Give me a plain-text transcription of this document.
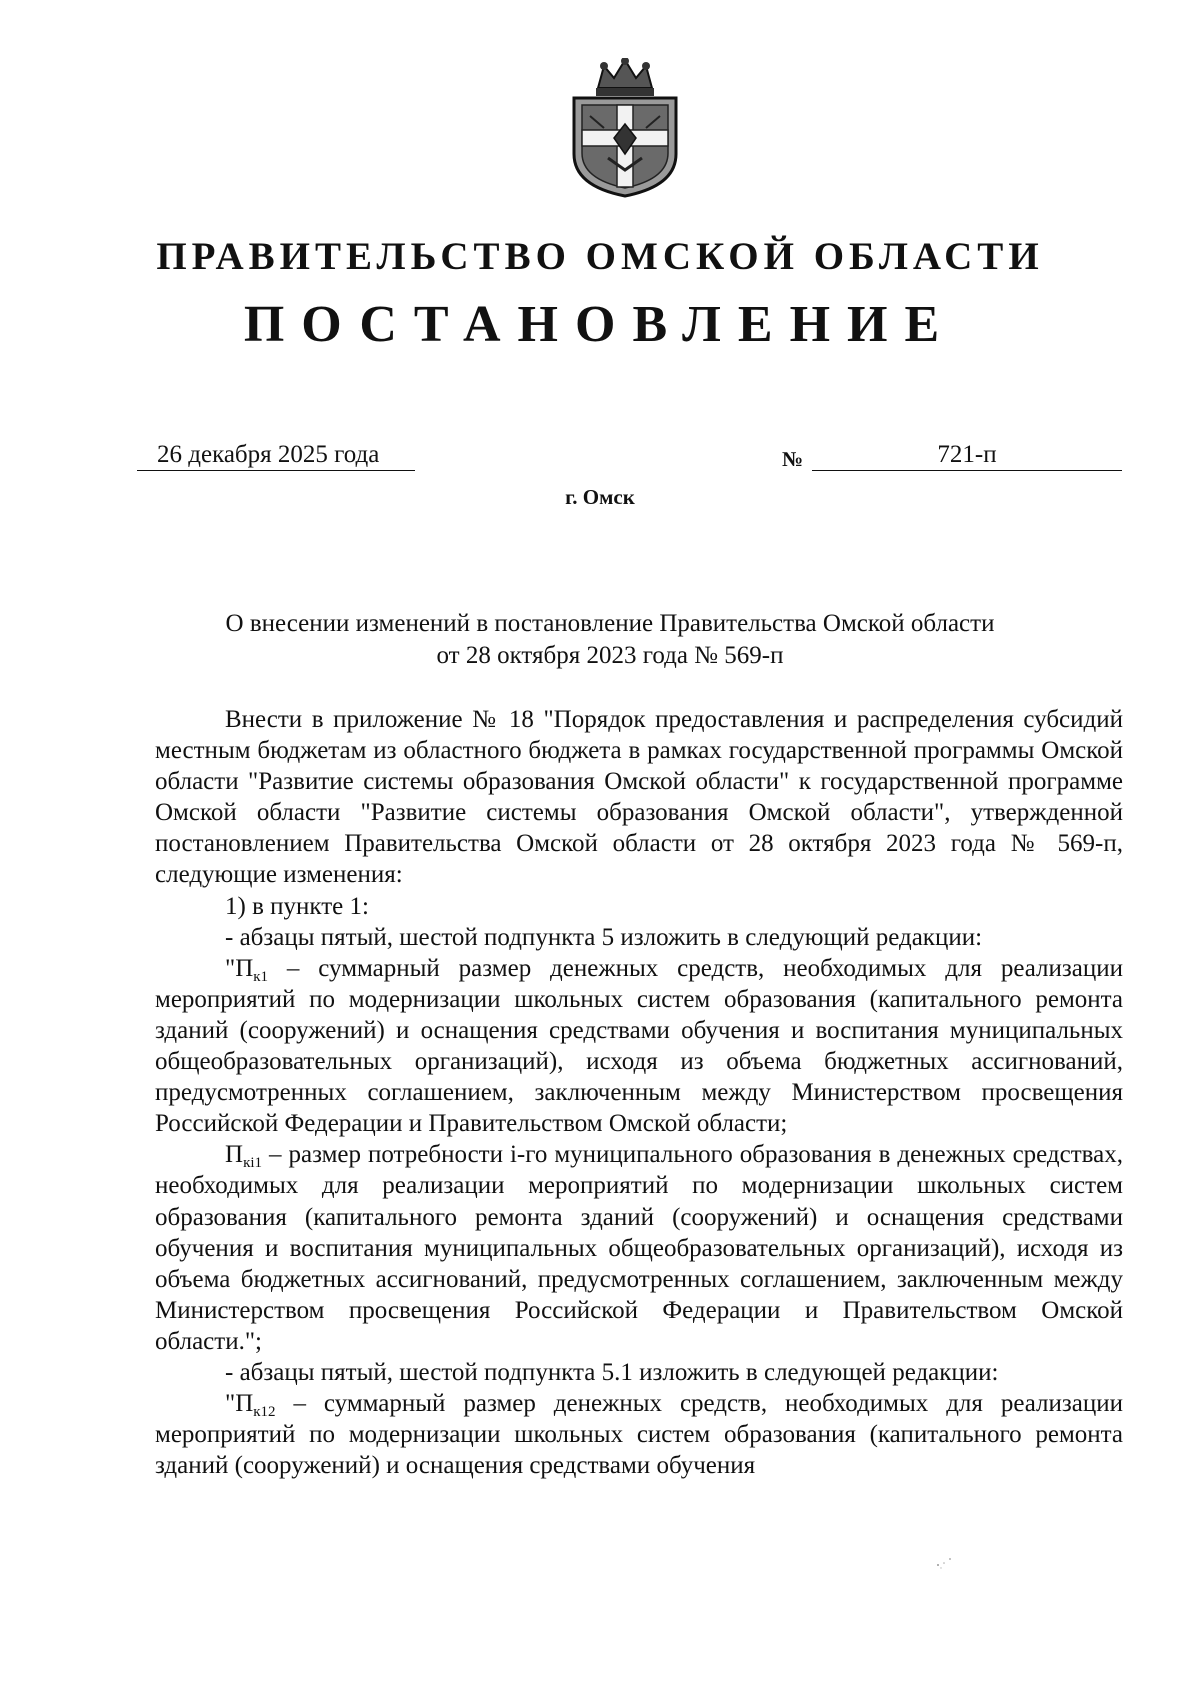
ПРАВИТЕЛЬСТВО ОМСКОЙ ОБЛАСТИ
ПОСТАНОВЛЕНИЕ
26 декабря 2025 года	№	721-п
г. Омск
О внесении изменений в постановление Правительства Омской области
от 28 октября 2023 года № 569-п

Внести в приложение № 18 "Порядок предоставления и распределения субсидий местным бюджетам из областного бюджета в рамках государственной программы Омской области "Развитие системы образования Омской области" к государственной программе Омской области "Развитие системы образования Омской области", утвержденной постановлением Правительства Омской области от 28 октября 2023 года № 569-п, следующие изменения:

1) в пункте 1:

- абзацы пятый, шестой подпункта 5 изложить в следующий редакции:

"$П_{к1}$ – суммарный размер денежных средств, необходимых для реализации мероприятий по модернизации школьных систем образования (капитального ремонта зданий (сооружений) и оснащения средствами обучения и воспитания муниципальных общеобразовательных организаций), исходя из объема бюджетных ассигнований, предусмотренных соглашением, заключенным между Министерством просвещения Российской Федерации и Правительством Омской области;

$П_{кi1}$ – размер потребности i-го муниципального образования в денежных средствах, необходимых для реализации мероприятий по модернизации школьных систем образования (капитального ремонта зданий (сооружений) и оснащения средствами обучения и воспитания муниципальных общеобразовательных организаций), исходя из объема бюджетных ассигнований, предусмотренных соглашением, заключенным между Министерством просвещения Российской Федерации и Правительством Омской области.";

- абзацы пятый, шестой подпункта 5.1 изложить в следующей редакции:

"$П_{к12}$ – суммарный размер денежных средств, необходимых для реализации мероприятий по модернизации школьных систем образования (капитального ремонта зданий (сооружений) и оснащения средствами обучения
